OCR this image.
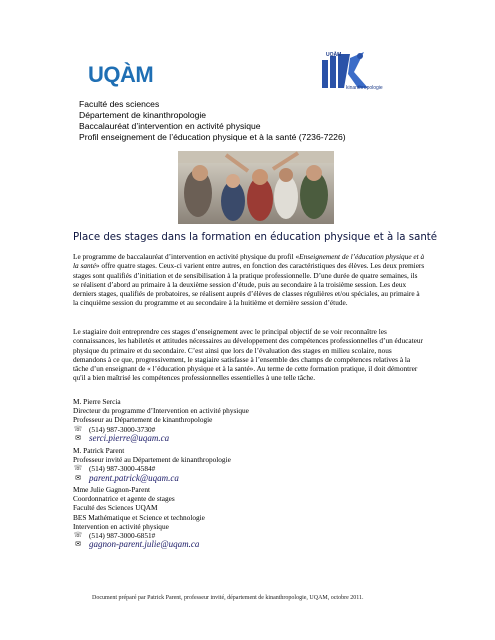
UQÀM
UQÀM
kinanthropologie
Faculté des sciences
Département de kinanthropologie
Baccalauréat d’intervention en activité physique
Profil enseignement de l’éducation physique et à la santé (7236-7226)
Place des stages dans la formation en éducation physique et à la santé
Le programme de baccalauréat d’intervention en activité physique du profil «Enseignement de l’éducation physique et à la santé» offre quatre stages. Ceux-ci varient entre autres, en fonction des caractéristiques des élèves. Les deux premiers stages sont qualifiés d’initiation et de sensibilisation à la pratique professionnelle. D’une durée de quatre semaines, ils se réalisent d’abord au primaire à la deuxième session d’étude, puis au secondaire à la troisième session. Les deux derniers stages, qualifiés de probatoires, se réalisent auprès d’élèves de classes régulières et/ou spéciales, au primaire à la cinquième session du programme et au secondaire à la huitième et dernière session d’étude.
Le stagiaire doit entreprendre ces stages d’enseignement avec le principal objectif de se voir reconnaître les connaissances, les habiletés et attitudes nécessaires au développement des compétences professionnelles d’un éducateur physique du primaire et du secondaire. C’est ainsi que lors de l’évaluation des stages en milieu scolaire, nous demandons à ce que, progressivement, le stagiaire satisfasse à l’ensemble des champs de compétences relatives à la tâche d’un enseignant de « l’éducation physique et à la santé». Au terme de cette formation pratique, il doit démontrer qu'il a bien maîtrisé les compétences professionnelles essentielles à une telle tâche.
M. Pierre Sercia
Directeur du programme d’Intervention en activité physique
Professeur au Département de kinanthropologie
☏ (514) 987-3000-3730#
✉ serci.pierre@uqam.ca
M. Patrick Parent
Professeur invité au Département de kinanthropologie
☏ (514) 987-3000-4584#
✉ parent.patrick@uqam.ca
Mme Julie Gagnon-Parent
Coordonnatrice et agente de stages
Faculté des Sciences UQAM
BES Mathématique et Science et technologie
Intervention en activité physique
☏ (514) 987-3000-6851#
✉ gagnon-parent.julie@uqam.ca
Document préparé par Patrick Parent, professeur invité, département de kinanthropologie, UQAM, octobre 2011.
